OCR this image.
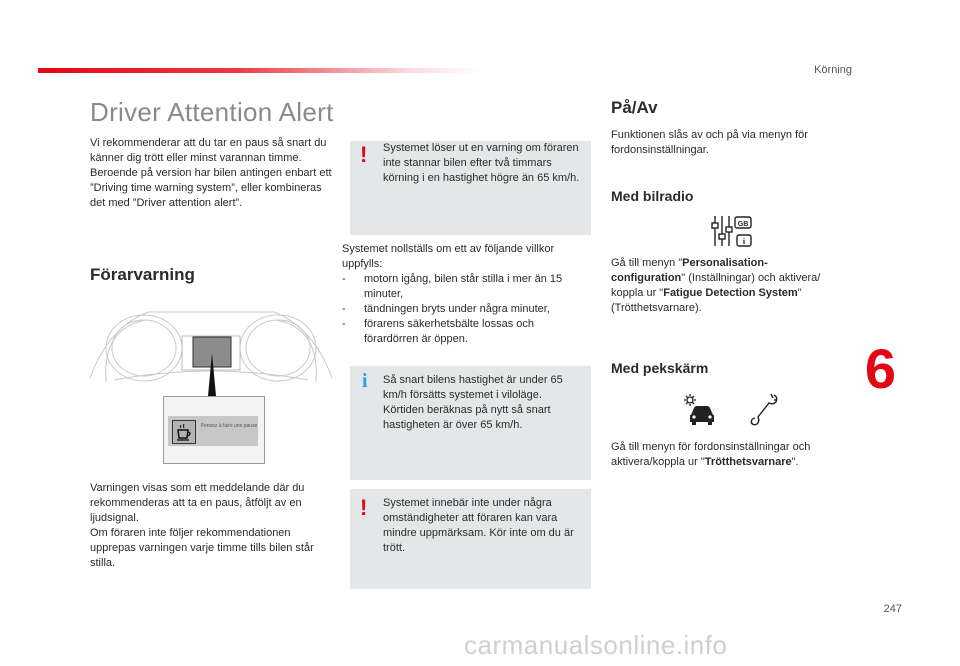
Körning
Driver Attention Alert
Vi rekommenderar att du tar en paus så snart du känner dig trött eller minst varannan timme. Beroende på version har bilen antingen enbart ett ”Driving time warning system”, eller kombineras det med ”Driver attention alert”.
Förarvarning
Pensez à faire une pause
Varningen visas som ett meddelande där du rekommenderas att ta en paus, åtföljt av en ljudsignal.
Om föraren inte följer rekommendationen upprepas varningen varje timme tills bilen står stilla.
! Systemet löser ut en varning om föraren inte stannar bilen efter två timmars körning i en hastighet högre än 65 km/h.
Systemet nollställs om ett av följande villkor uppfylls:
- motorn igång, bilen står stilla i mer än 15 minuter,
- tändningen bryts under några minuter,
- förarens säkerhetsbälte lossas och förardörren är öppen.
i Så snart bilens hastighet är under 65 km/h försätts systemet i viloläge. Körtiden beräknas på nytt så snart hastigheten är över 65 km/h.
! Systemet innebär inte under några omständigheter att föraren kan vara mindre uppmärksam. Kör inte om du är trött.
På/Av
Funktionen slås av och på via menyn för fordonsinställningar.
Med bilradio
GB
i
Gå till menyn "Personalisation-configuration" (Inställningar) och aktivera/ koppla ur "Fatigue Detection System" (Trötthetsvarnare).
Med pekskärm
Gå till menyn för fordonsinställningar och aktivera/koppla ur "Trötthetsvarnare".
6
247
carmanualsonline.info
